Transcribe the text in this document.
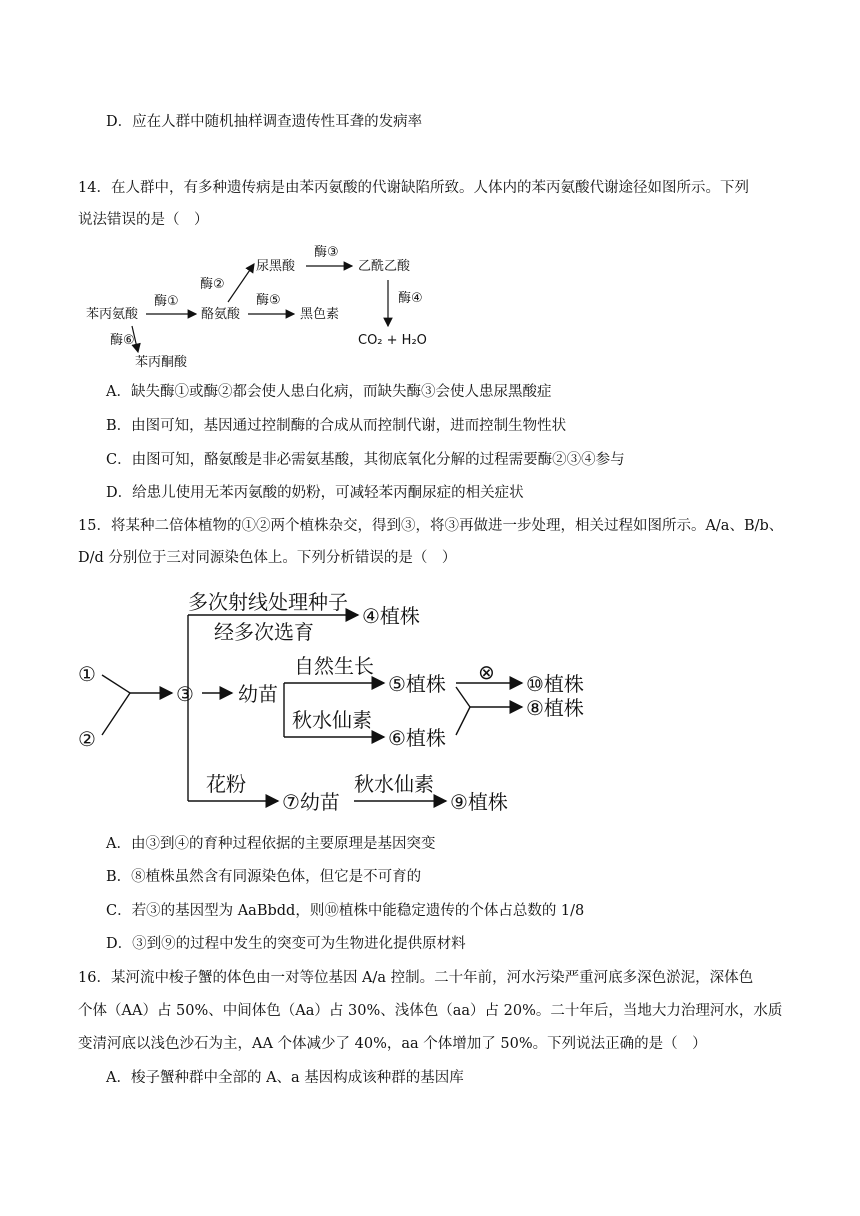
D．应在人群中随机抽样调查遗传性耳聋的发病率
14．在人群中，有多种遗传病是由苯丙氨酸的代谢缺陷所致。人体内的苯丙氨酸代谢途径如图所示。下列
说法错误的是（　）
苯丙氨酸
酶①
酪氨酸
酶②
尿黑酸
酶③
乙酰乙酸
酶④
CO₂ + H₂O
酶⑤
黑色素
酶⑥
苯丙酮酸
A．缺失酶①或酶②都会使人患白化病，而缺失酶③会使人患尿黑酸症
B．由图可知，基因通过控制酶的合成从而控制代谢，进而控制生物性状
C．由图可知，酪氨酸是非必需氨基酸，其彻底氧化分解的过程需要酶②③④参与
D．给患儿使用无苯丙氨酸的奶粉，可减轻苯丙酮尿症的相关症状
15．将某种二倍体植物的①②两个植株杂交，得到③，将③再做进一步处理，相关过程如图所示。A/a、B/b、
D/d 分别位于三对同源染色体上。下列分析错误的是（　）
①
②
③
多次射线处理种子
经多次选育
④植株
幼苗
自然生长
⑤植株
秋水仙素
⑥植株
⊗ ⑩植株
⑧植株
花粉
⑦幼苗
秋水仙素
⑨植株
A．由③到④的育种过程依据的主要原理是基因突变
B．⑧植株虽然含有同源染色体，但它是不可育的
C．若③的基因型为 AaBbdd，则⑩植株中能稳定遗传的个体占总数的 1/8
D．③到⑨的过程中发生的突变可为生物进化提供原材料
16．某河流中梭子蟹的体色由一对等位基因 A/a 控制。二十年前，河水污染严重河底多深色淤泥，深体色
个体（AA）占 50%、中间体色（Aa）占 30%、浅体色（aa）占 20%。二十年后，当地大力治理河水，水质
变清河底以浅色沙石为主，AA 个体减少了 40%，aa 个体增加了 50%。下列说法正确的是（　）
A．梭子蟹种群中全部的 A、a 基因构成该种群的基因库
